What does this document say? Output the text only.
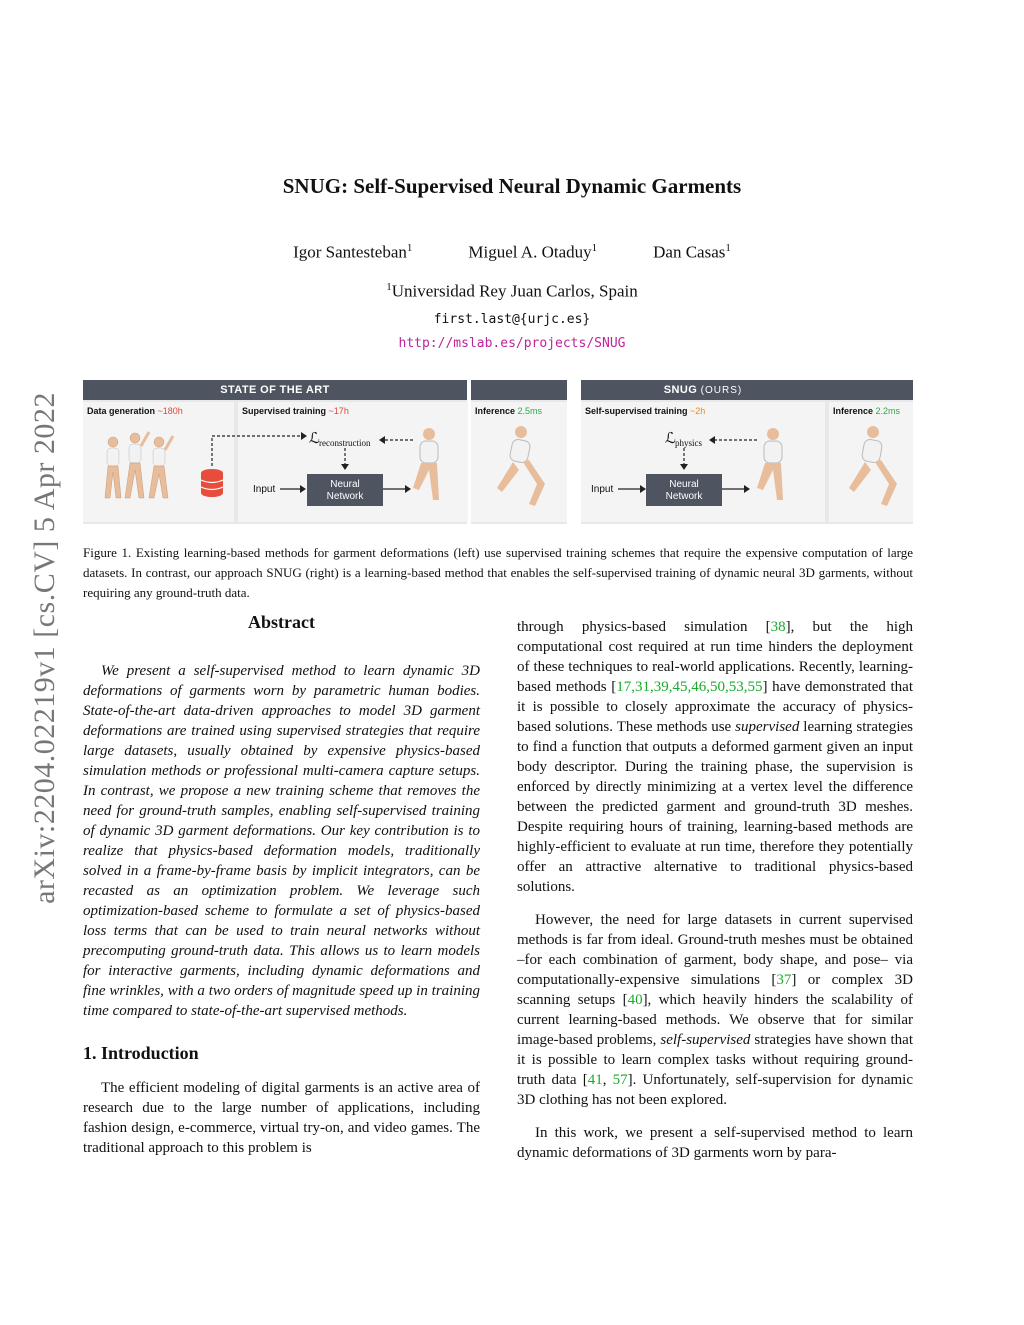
arXiv:2204.02219v1 [cs.CV] 5 Apr 2022
SNUG: Self-Supervised Neural Dynamic Garments
Igor Santesteban$^1$	Miguel A. Otaduy$^1$	Dan Casas$^1$
$^1$Universidad Rey Juan Carlos, Spain
first.last@{urjc.es}
http://mslab.es/projects/SNUG
STATE OF THE ART
Data generation ~180h	Supervised training ~17h
ℒ reconstruction
Input	Neural
Network
Inference 2.5ms
SNUG (OURS)
Self-supervised training ~2h
ℒ physics
Input	Neural
Network
Inference 2.2ms
Figure 1. Existing learning-based methods for garment deformations (left) use supervised training schemes that require the expensive computation of large datasets. In contrast, our approach SNUG (right) is a learning-based method that enables the self-supervised training of dynamic neural 3D garments, without requiring any ground-truth data.
Abstract

We present a self-supervised method to learn dynamic 3D deformations of garments worn by parametric human bodies. State-of-the-art data-driven approaches to model 3D garment deformations are trained using supervised strategies that require large datasets, usually obtained by expensive physics-based simulation methods or professional multi-camera capture setups. In contrast, we propose a new training scheme that removes the need for ground-truth samples, enabling self-supervised training of dynamic 3D garment deformations. Our key contribution is to realize that physics-based deformation models, traditionally solved in a frame-by-frame basis by implicit integrators, can be recasted as an optimization problem. We leverage such optimization-based scheme to formulate a set of physics-based loss terms that can be used to train neural networks without precomputing ground-truth data. This allows us to learn models for interactive garments, including dynamic deformations and fine wrinkles, with a two orders of magnitude speed up in training time compared to state-of-the-art supervised methods.

1. Introduction

The efficient modeling of digital garments is an active area of research due to the large number of applications, including fashion design, e-commerce, virtual try-on, and video games. The traditional approach to this problem is

through physics-based simulation [38], but the high computational cost required at run time hinders the deployment of these techniques to real-world applications. Recently, learning-based methods [17,31,39,45,46,50,53,55] have demonstrated that it is possible to closely approximate the accuracy of physics-based solutions. These methods use supervised learning strategies to find a function that outputs a deformed garment given an input body descriptor. During the training phase, the supervision is enforced by directly minimizing at a vertex level the difference between the predicted garment and ground-truth 3D meshes. Despite requiring hours of training, learning-based methods are highly-efficient to evaluate at run time, therefore they potentially offer an attractive alternative to traditional physics-based solutions.

However, the need for large datasets in current supervised methods is far from ideal. Ground-truth meshes must be obtained –for each combination of garment, body shape, and pose– via computationally-expensive simulations [37] or complex 3D scanning setups [40], which heavily hinders the scalability of current learning-based methods. We observe that for similar image-based problems, self-supervised strategies have shown that it is possible to learn complex tasks without requiring ground-truth data [41, 57]. Unfortunately, self-supervision for dynamic 3D clothing has not been explored.

In this work, we present a self-supervised method to learn dynamic deformations of 3D garments worn by para-
